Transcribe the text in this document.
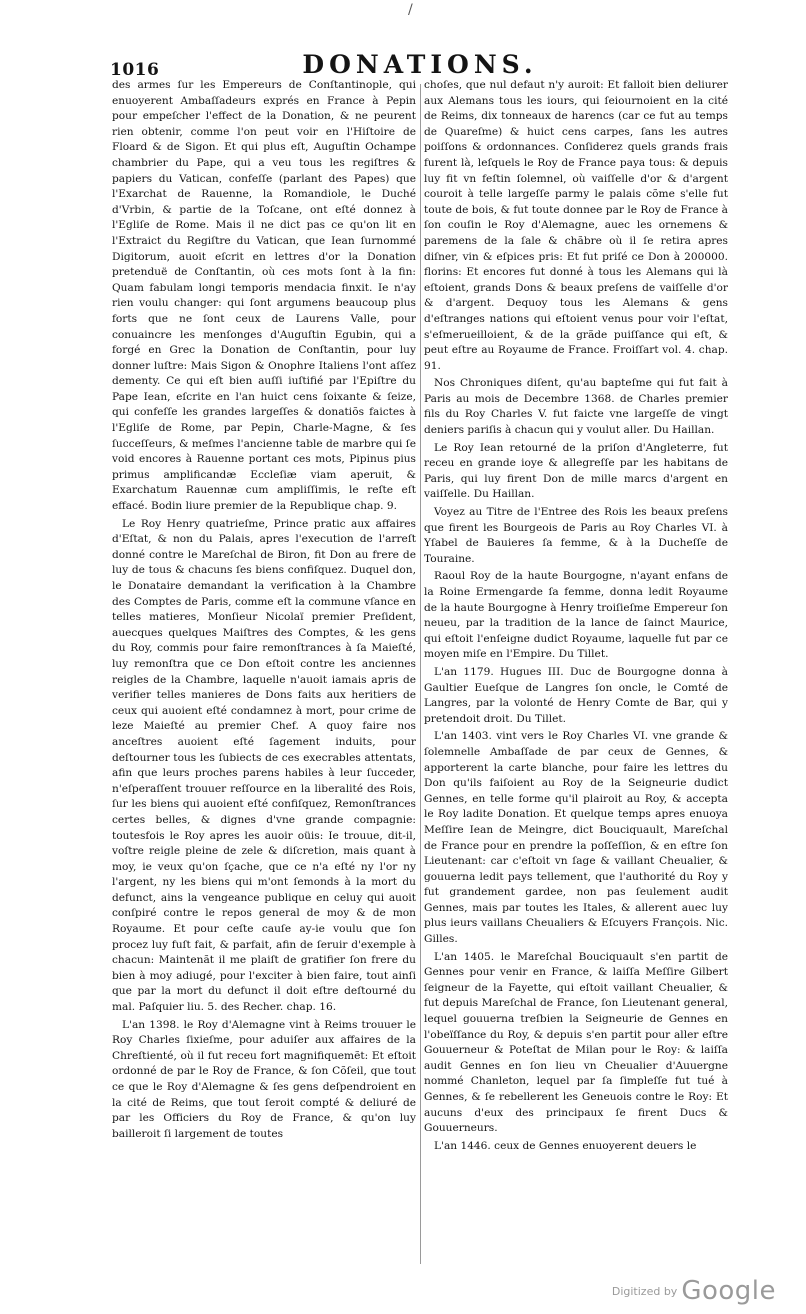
/
1016	DONATIONS.

des armes ſur les Empereurs de Conſtantinople, qui enuoyerent Ambaſſadeurs exprés en France à Pepin pour empeſcher l'effect de la Donation, & ne peurent rien obtenir, comme l'on peut voir en l'Hiſtoire de Floard & de Sigon. Et qui plus eſt, Auguſtin Ochampe chambrier du Pape, qui a veu tous les regiſtres & papiers du Vatican, confeſſe (parlant des Papes) que l'Exarchat de Rauenne, la Romandiole, le Duché d'Vrbin, & partie de la Toſcane, ont eſté donnez à l'Egliſe de Rome. Mais il ne dict pas ce qu'on lit en l'Extraict du Regiſtre du Vatican, que Iean ſurnommé Digitorum, auoit eſcrit en lettres d'or la Donation pretenduë de Conſtantin, où ces mots ſont à la fin: Quam fabulam longi temporis mendacia finxit. Ie n'ay rien voulu changer: qui ſont argumens beaucoup plus forts que ne ſont ceux de Laurens Valle, pour conuaincre les menſonges d'Auguſtin Egubin, qui a forgé en Grec la Donation de Conſtantin, pour luy donner luſtre: Mais Sigon & Onophre Italiens l'ont aſſez dementy. Ce qui eſt bien auſſi iuſtifié par l'Epiſtre du Pape Iean, eſcrite en l'an huict cens ſoixante & ſeize, qui confeſſe les grandes largeſſes & donatiõs faictes à l'Egliſe de Rome, par Pepin, Charle-Magne, & ſes ſucceſſeurs, & meſmes l'ancienne table de marbre qui ſe void encores à Rauenne portant ces mots, Pipinus pius primus amplificandæ Eccleſiæ viam aperuit, & Exarchatum Rauennæ cum ampliſſimis, le reſte eſt effacé. Bodin liure premier de la Republique chap. 9.

Le Roy Henry quatrieſme, Prince pratic aux affaires d'Eſtat, & non du Palais, apres l'execution de l'arreſt donné contre le Mareſchal de Biron, fit Don au frere de luy de tous & chacuns ſes biens confiſquez. Duquel don, le Donataire demandant la verification à la Chambre des Comptes de Paris, comme eſt la commune vſance en telles matieres, Monſieur Nicolaï premier Preſident, auecques quelques Maiſtres des Comptes, & les gens du Roy, commis pour faire remonſtrances à ſa Maieſté, luy remonſtra que ce Don eſtoit contre les anciennes reigles de la Chambre, laquelle n'auoit iamais apris de verifier telles manieres de Dons faits aux heritiers de ceux qui auoient eſté condamnez à mort, pour crime de leze Maieſté au premier Chef. A quoy faire nos anceſtres auoient eſté ſagement induits, pour deſtourner tous les ſubiects de ces execrables attentats, afin que leurs proches parens habiles à leur ſucceder, n'eſperaſſent trouuer reſſource en la liberalité des Rois, ſur les biens qui auoient eſté confiſquez, Remonſtrances certes belles, & dignes d'vne grande compagnie: toutesfois le Roy apres les auoir oüis: Ie trouue, dit-il, voſtre reigle pleine de zele & diſcretion, mais quant à moy, ie veux qu'on ſçache, que ce n'a eſté ny l'or ny l'argent, ny les biens qui m'ont ſemonds à la mort du defunct, ains la vengeance publique en celuy qui auoit conſpiré contre le repos general de moy & de mon Royaume. Et pour ceſte cauſe ay-ie voulu que ſon procez luy fuſt fait, & parfait, afin de ſeruir d'exemple à chacun: Maintenãt il me plaiſt de gratifier ſon frere du bien à moy adiugé, pour l'exciter à bien faire, tout ainſi que par la mort du defunct il doit eſtre deſtourné du mal. Paſquier liu. 5. des Recher. chap. 16.

L'an 1398. le Roy d'Alemagne vint à Reims trouuer le Roy Charles ſixieſme, pour aduiſer aux affaires de la Chreſtienté, où il fut receu fort magnifiquemẽt: Et eſtoit ordonné de par le Roy de France, & ſon Cõſeil, que tout ce que le Roy d'Alemagne & ſes gens deſpendroient en la cité de Reims, que tout ſeroit compté & deliuré de par les Officiers du Roy de France, & qu'on luy bailleroit ſi largement de toutes

choſes, que nul defaut n'y auroit: Et falloit bien deliurer aux Alemans tous les iours, qui ſeiournoient en la cité de Reims, dix tonneaux de harencs (car ce fut au temps de Quareſme) & huict cens carpes, ſans les autres poiſſons & ordonnances. Conſiderez quels grands frais furent là, leſquels le Roy de France paya tous: & depuis luy fit vn feſtin ſolemnel, où vaiſſelle d'or & d'argent couroit à telle largeſſe parmy le palais cõme s'elle fut toute de bois, & fut toute donnee par le Roy de France à ſon couſin le Roy d'Alemagne, auec les ornemens & paremens de la ſale & chãbre où il ſe retira apres diſner, vin & eſpices pris: Et fut priſé ce Don à 200000. florins: Et encores fut donné à tous les Alemans qui là eſtoient, grands Dons & beaux preſens de vaiſſelle d'or & d'argent. Dequoy tous les Alemans & gens d'eſtranges nations qui eſtoient venus pour voir l'eſtat, s'eſmerueilloient, & de la grãde puiſſance qui eſt, & peut eſtre au Royaume de France. Froiſſart vol. 4. chap. 91.

Nos Chroniques diſent, qu'au bapteſme qui fut fait à Paris au mois de Decembre 1368. de Charles premier fils du Roy Charles V. fut faicte vne largeſſe de vingt deniers pariſis à chacun qui y voulut aller. Du Haillan.

Le Roy Iean retourné de la priſon d'Angleterre, fut receu en grande ioye & allegreſſe par les habitans de Paris, qui luy firent Don de mille marcs d'argent en vaiſſelle. Du Haillan.

Voyez au Titre de l'Entree des Rois les beaux preſens que firent les Bourgeois de Paris au Roy Charles VI. à Yſabel de Bauieres ſa femme, & à la Ducheſſe de Touraine.

Raoul Roy de la haute Bourgogne, n'ayant enfans de la Roine Ermengarde ſa femme, donna ledit Royaume de la haute Bourgogne à Henry troiſieſme Empereur ſon neueu, par la tradition de la lance de ſainct Maurice, qui eſtoit l'enſeigne dudict Royaume, laquelle fut par ce moyen miſe en l'Empire. Du Tillet.

L'an 1179. Hugues III. Duc de Bourgogne donna à Gaultier Eueſque de Langres ſon oncle, le Comté de Langres, par la volonté de Henry Comte de Bar, qui y pretendoit droit. Du Tillet.

L'an 1403. vint vers le Roy Charles VI. vne grande & ſolemnelle Ambaſſade de par ceux de Gennes, & apporterent la carte blanche, pour faire les lettres du Don qu'ils faiſoient au Roy de la Seigneurie dudict Gennes, en telle forme qu'il plairoit au Roy, & accepta le Roy ladite Donation. Et quelque temps apres enuoya Meſſire Iean de Meingre, dict Bouciquault, Mareſchal de France pour en prendre la poſſeſſion, & en eſtre ſon Lieutenant: car c'eſtoit vn ſage & vaillant Cheualier, & gouuerna ledit pays tellement, que l'authorité du Roy y fut grandement gardee, non pas ſeulement audit Gennes, mais par toutes les Itales, & allerent auec luy plus ieurs vaillans Cheualiers & Eſcuyers François. Nic. Gilles.

L'an 1405. le Mareſchal Bouciquault s'en partit de Gennes pour venir en France, & laiſſa Meſſire Gilbert ſeigneur de la Fayette, qui eſtoit vaillant Cheualier, & fut depuis Mareſchal de France, ſon Lieutenant general, lequel gouuerna treſbien la Seigneurie de Gennes en l'obeïſſance du Roy, & depuis s'en partit pour aller eſtre Gouuerneur & Poteſtat de Milan pour le Roy: & laiſſa audit Gennes en ſon lieu vn Cheualier d'Auuergne nommé Chanleton, lequel par ſa ſimpleſſe fut tué à Gennes, & ſe rebellerent les Geneuois contre le Roy: Et aucuns d'eux des principaux ſe firent Ducs & Gouuerneurs.

L'an 1446. ceux de Gennes enuoyerent deuers le

$^{Digitized by}$ Google
